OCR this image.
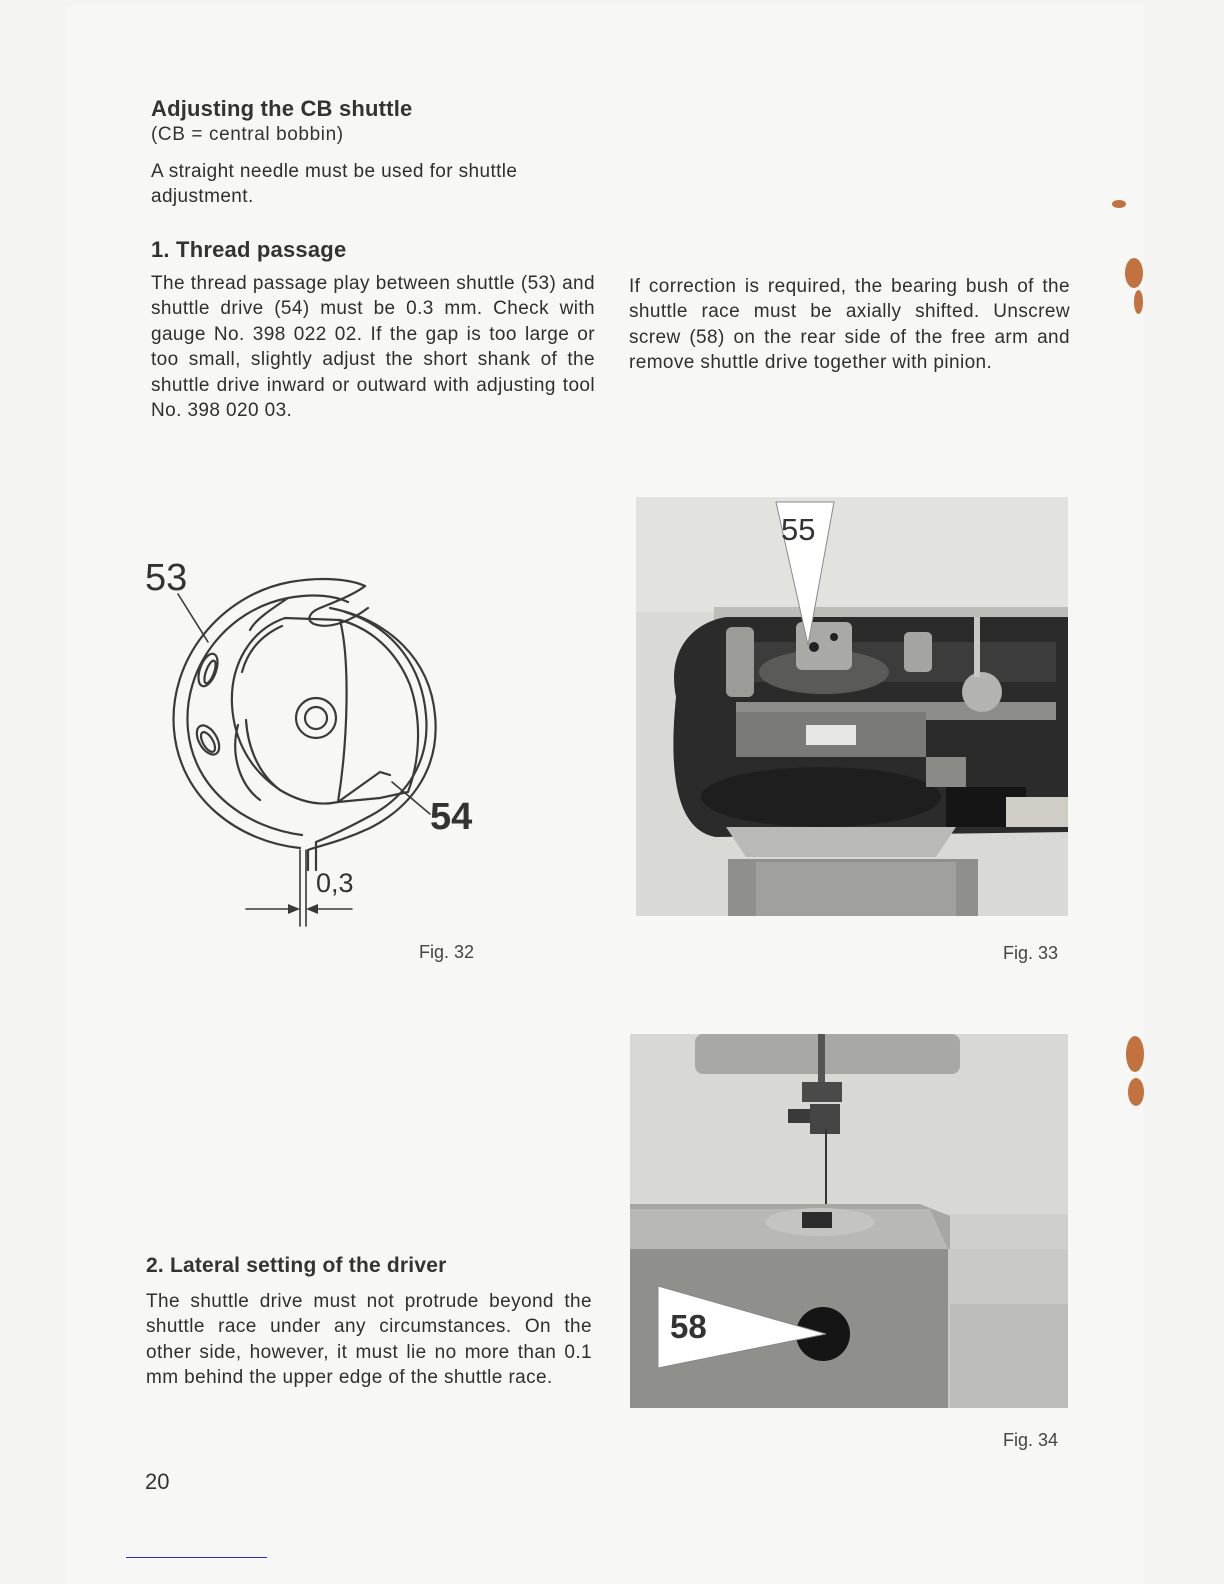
Adjusting the CB shuttle
(CB = central bobbin)
A straight needle must be used for shuttle adjustment.
1. Thread passage
The thread passage play between shuttle (53) and shuttle drive (54) must be 0.3 mm. Check with gauge No. 398 022 02. If the gap is too large or too small, slightly adjust the short shank of the shuttle drive inward or outward with adjusting tool No. 398 020 03.
If correction is required, the bearing bush of the shuttle race must be axially shifted. Unscrew screw (58) on the rear side of the free arm and remove shuttle drive together with pinion.
53
54
0,3
Fig. 32
55
Fig. 33
2. Lateral setting of the driver
The shuttle drive must not protrude beyond the shuttle race under any circumstances. On the other side, however, it must lie no more than 0.1 mm behind the upper edge of the shuttle race.
58
Fig. 34
20
